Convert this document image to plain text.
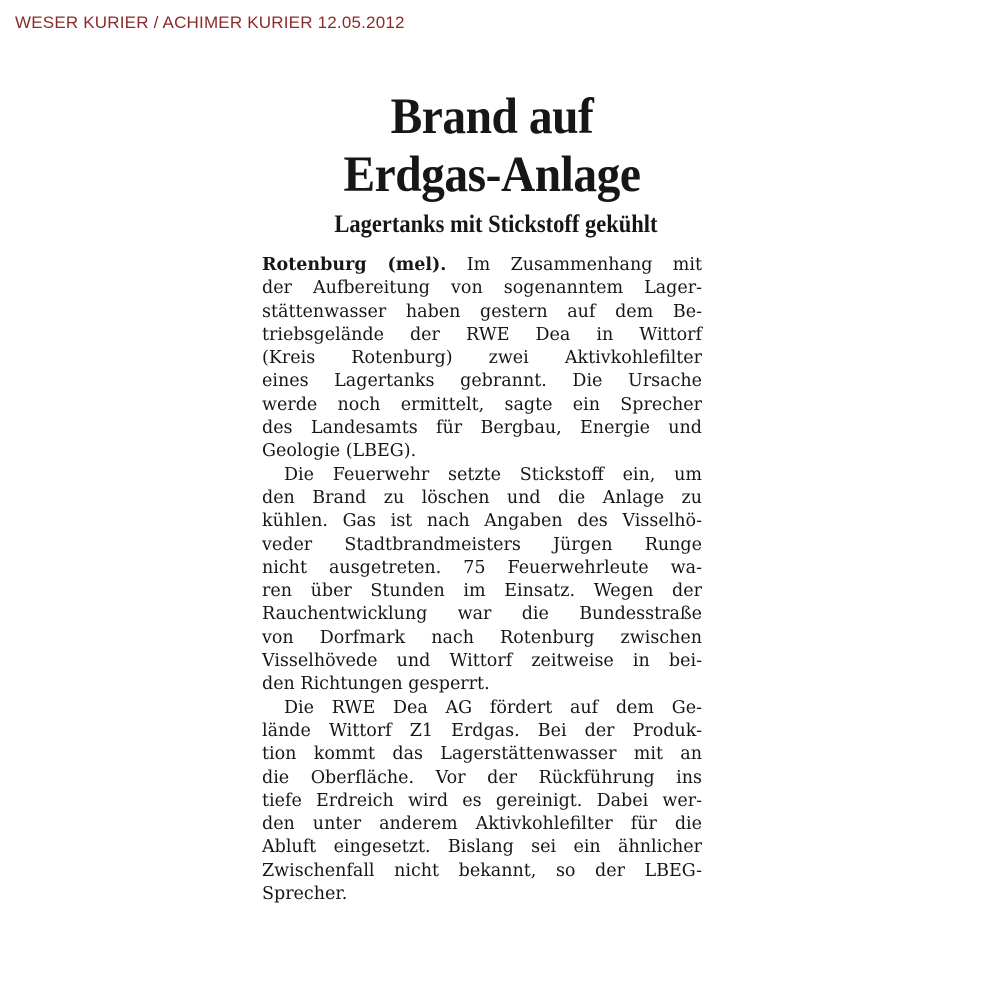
WESER KURIER / ACHIMER KURIER 12.05.2012
Brand auf
Erdgas-Anlage
Lagertanks mit Stickstoff gekühlt
Rotenburg (mel). Im Zusammenhang mit
der Aufbereitung von sogenanntem Lager-
stättenwasser haben gestern auf dem Be-
triebsgelände der RWE Dea in Wittorf
(Kreis Rotenburg) zwei Aktivkohlefilter
eines Lagertanks gebrannt. Die Ursache
werde noch ermittelt, sagte ein Sprecher
des Landesamts für Bergbau, Energie und
Geologie (LBEG).
Die Feuerwehr setzte Stickstoff ein, um
den Brand zu löschen und die Anlage zu
kühlen. Gas ist nach Angaben des Visselhö-
veder Stadtbrandmeisters Jürgen Runge
nicht ausgetreten. 75 Feuerwehrleute wa-
ren über Stunden im Einsatz. Wegen der
Rauchentwicklung war die Bundesstraße
von Dorfmark nach Rotenburg zwischen
Visselhövede und Wittorf zeitweise in bei-
den Richtungen gesperrt.
Die RWE Dea AG fördert auf dem Ge-
lände Wittorf Z1 Erdgas. Bei der Produk-
tion kommt das Lagerstättenwasser mit an
die Oberfläche. Vor der Rückführung ins
tiefe Erdreich wird es gereinigt. Dabei wer-
den unter anderem Aktivkohlefilter für die
Abluft eingesetzt. Bislang sei ein ähnlicher
Zwischenfall nicht bekannt, so der LBEG-
Sprecher.
